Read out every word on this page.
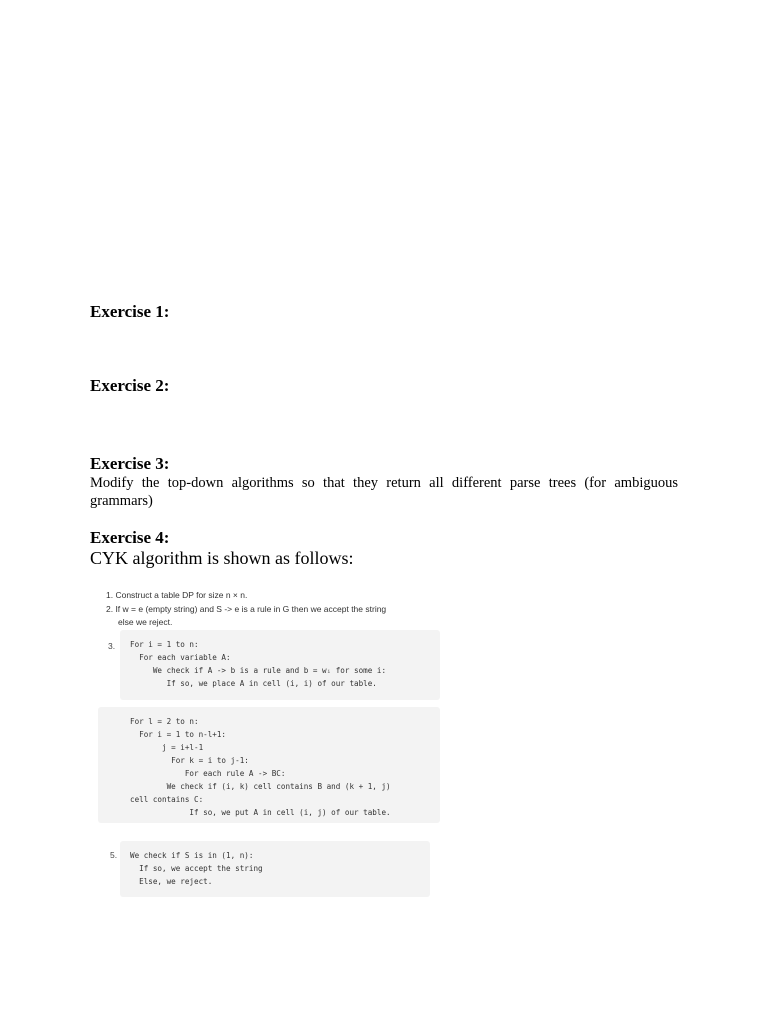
Exercise 1:
Exercise 2:
Exercise 3:
Modify the top-down algorithms so that they return all different parse trees (for ambiguous grammars)
Exercise 4:
CYK algorithm is shown as follows:
1. Construct a table DP for size n × n.
2. If w = e (empty string) and S -> e is a rule in G then we accept the string
else we reject.
3. For i = 1 to n:
For each variable A:
We check if A -> b is a rule and b = wᵢ for some i:
If so, we place A in cell (i, i) of our table.
For l = 2 to n:
For i = 1 to n-l+1:
j = i+l-1
For k = i to j-1:
For each rule A -> BC:
We check if (i, k) cell contains B and (k + 1, j)
cell contains C:
If so, we put A in cell (i, j) of our table.
5. We check if S is in (1, n):
If so, we accept the string
Else, we reject.
